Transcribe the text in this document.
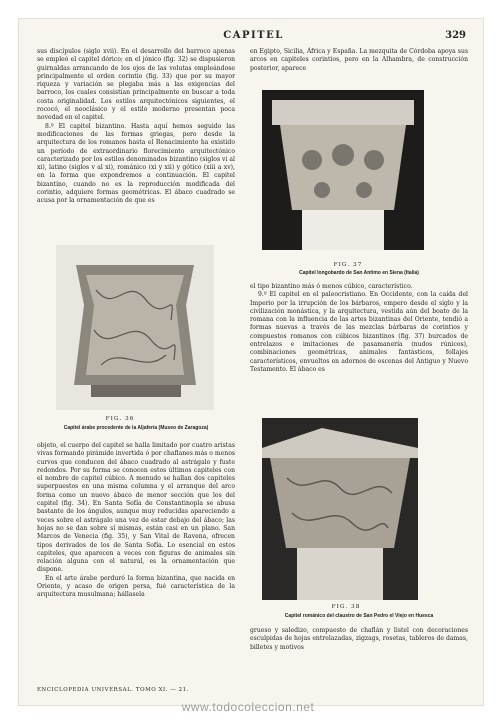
CAPITEL	329

sus discípulos (siglo xvii). En el desarrollo del barroco apenas se empleó el capitel dórico; en el jónico (fig. 32) se dispusieron guirnaldas arrancando de los ojos de las volutas empleándose principalmente el orden corintio (fig. 33) que por su mayor riqueza y variación se plegaba más a las exigencias del barroco, los cuales consistían principalmente en buscar a toda costa originalidad. Los estilos arquitectónicos siguientes, el rococó, el neoclásico y el estilo moderno presentan poca novedad en el capitel.

8.º El capitel bizantino. Hasta aquí hemos seguido las modificaciones de las formas griegas, pero desde la arquitectura de los romanos hasta el Renacimiento ha existido un período de extraordinario florecimiento arquitectónico caracterizado por los estilos denominados bizantino (siglos vi al xi), latino (siglos v al xi), románico (xi y xii) y gótico (xiii a xv), en la forma que expondremos a continuación. El capitel bizantino, cuando no es la reproducción modificada del corintio, adquiere formas geométricas. El ábaco cuadrado se acusa por la ornamentación de que es

FIG. 36
Capitel árabe procedente de la Aljafería (Museo de Zaragoza)

objeto, el cuerpo del capitel se halla limitado por cuatro aristas vivas formando pirámide invertida ó por chaflanes más o menos curvos que conducen del ábaco cuadrado al astrágalo y fuste redondos. Por su forma se conocen estos últimos capiteles con el nombre de capitel cúbico. A menudo se hallan dos capiteles superpuestos en una misma columna y el arranque del arco forma como un nuevo ábaco de menor sección que los del capitel (fig. 34). En Santa Sofía de Constantinopla se abusa bastante de los ángulos, aunque muy reducidas apareciendo a veces sobre el astrágalo una vez de estar debajo del ábaco; las hojas no se dan sobre sí mismas, están casi en un plano. San Marcos de Venecia (fig. 35), y San Vital de Ravena, ofrecen tipos derivados de los de Santa Sofía. Lo esencial en estos capiteles, que aparecen a veces con figuras de animales sin relación alguna con el natural, es la ornamentación que dispone.

En el arte árabe perduró la forma bizantina, que nacida en Oriente, y acaso de origen persa, fué característica de la arquitectura musulmana; hállasela

en Egipto, Sicilia, África y España. La mezquita de Córdoba apoya sus arcos en capiteles corintios, pero en la Alhambra, de construcción posterior, aparece

FIG. 37
Capitel longobardo de San Antimo en Siena (Italia)

el tipo bizantino más ó menos cúbico, característico.

9.º El capitel en el paleocristiano. En Occidente, con la caída del Imperio por la irrupción de los bárbaros, empero desde el siglo y la civilización monástica, y la arquitectura, vestida aún del boato de la romana con la influencia de las artes bizantinas del Oriente, tendió a formas nuevas a través de las mezclas bárbaras de corintios y compuestos romanos con cúbicos bizantinos (fig. 37) burcados de entrelazos e imitaciones de pasamanería (nudos rúnicos), combinaciones geométricas, animales fantásticos, follajes característicos, envueltos en adornos de escenas del Antiguo y Nuevo Testamento. El ábaco es

FIG. 38
Capitel románico del claustro de San Pedro el Viejo en Huesca

grueso y saledizo, compuesto de chaflán y listel con decoraciones esculpidas de hojas entrelazadas, zigzags, rosetas, tableros de damas, billetes y motivos

ENCICLOPEDIA UNIVERSAL. TOMO XI. — 21.
www.todocoleccion.net
